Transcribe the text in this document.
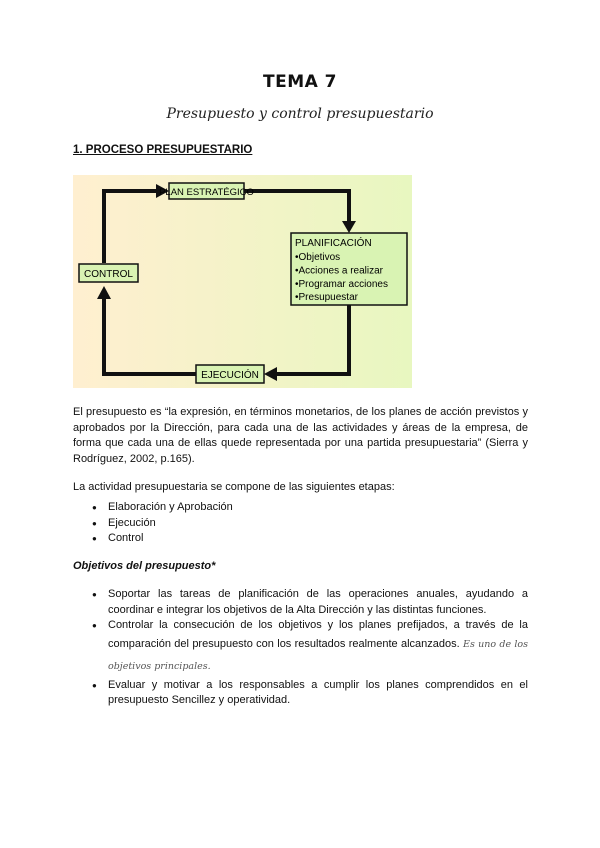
TEMA 7
Presupuesto y control presupuestario
1. PROCESO PRESUPUESTARIO
PLAN ESTRATÉGICO
PLANIFICACIÓN
•Objetivos
•Acciones a realizar
•Programar acciones
•Presupuestar
CONTROL
EJECUCIÓN
El presupuesto es “la expresión, en términos monetarios, de los planes de acción previstos y aprobados por la Dirección, para cada una de las actividades y áreas de la empresa, de forma que cada una de ellas quede representada por una partida presupuestaria” (Sierra y Rodríguez, 2002, p.165).
La actividad presupuestaria se compone de las siguientes etapas:
● Elaboración y Aprobación
● Ejecución
● Control
Objetivos del presupuesto*
● Soportar las tareas de planificación de las operaciones anuales, ayudando a coordinar e integrar los objetivos de la Alta Dirección y las distintas funciones.
● Controlar la consecución de los objetivos y los planes prefijados, a través de la comparación del presupuesto con los resultados realmente alcanzados. Es uno de los objetivos principales.
● Evaluar y motivar a los responsables a cumplir los planes comprendidos en el presupuesto Sencillez y operatividad.
